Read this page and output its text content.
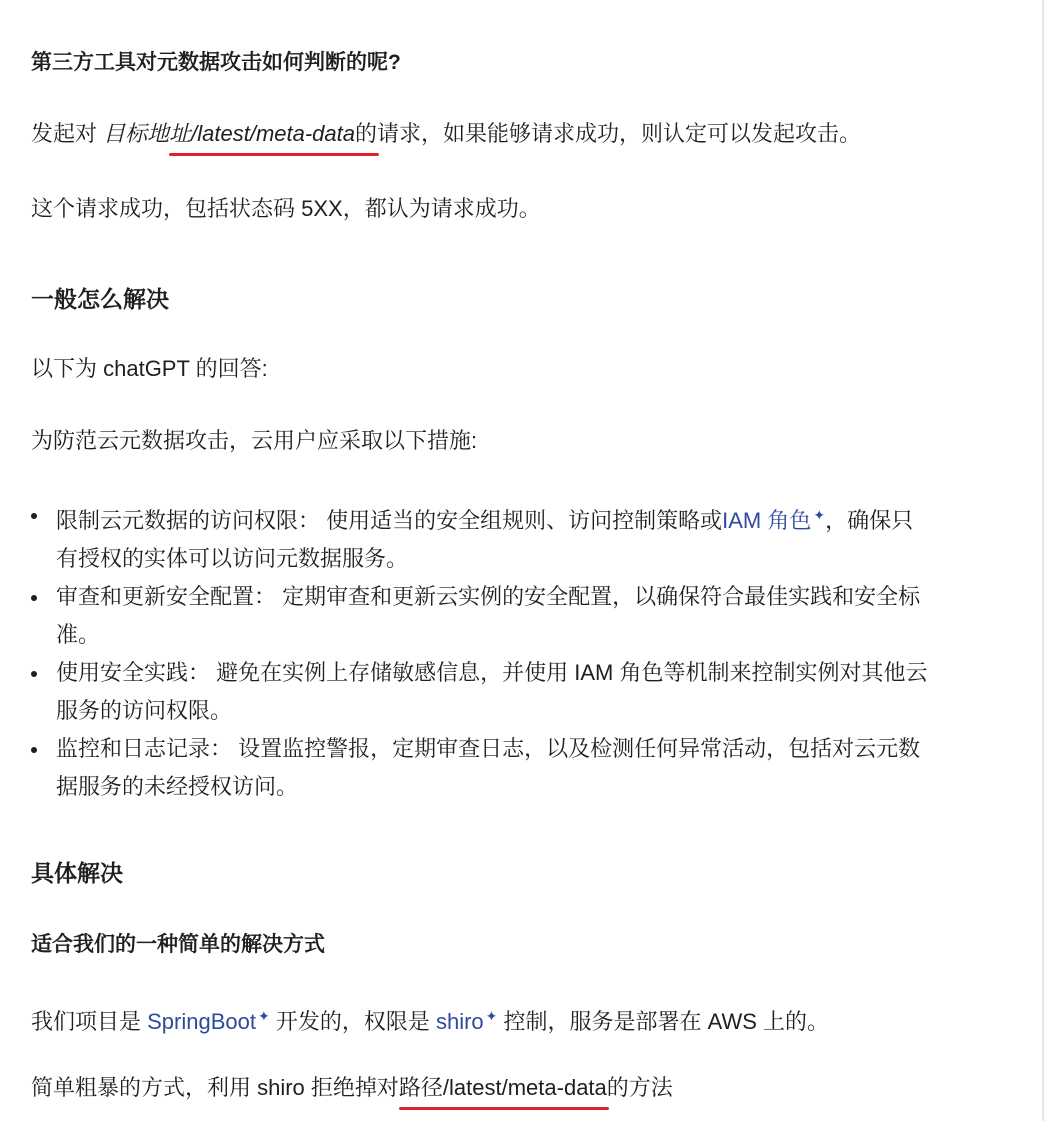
第三方工具对元数据攻击如何判断的呢?

发起对 目标地址/latest/meta-data的请求，如果能够请求成功，则认定可以发起攻击。

这个请求成功，包括状态码 5XX，都认为请求成功。

一般怎么解决

以下为 chatGPT 的回答:

为防范云元数据攻击，云用户应采取以下措施:

限制云元数据的访问权限： 使用适当的安全组规则、访问控制策略或IAM 角色 ✦，确保只
有授权的实体可以访问元数据服务。
审查和更新安全配置： 定期审查和更新云实例的安全配置，以确保符合最佳实践和安全标
准。
使用安全实践： 避免在实例上存储敏感信息，并使用 IAM 角色等机制来控制实例对其他云
服务的访问权限。
监控和日志记录： 设置监控警报，定期审查日志，以及检测任何异常活动，包括对云元数
据服务的未经授权访问。
具体解决
适合我们的一种简单的解决方式

我们项目是 SpringBoot ✦ 开发的，权限是 shiro ✦ 控制，服务是部署在 AWS 上的。

简单粗暴的方式，利用 shiro 拒绝掉对路径/latest/meta-data的方法
